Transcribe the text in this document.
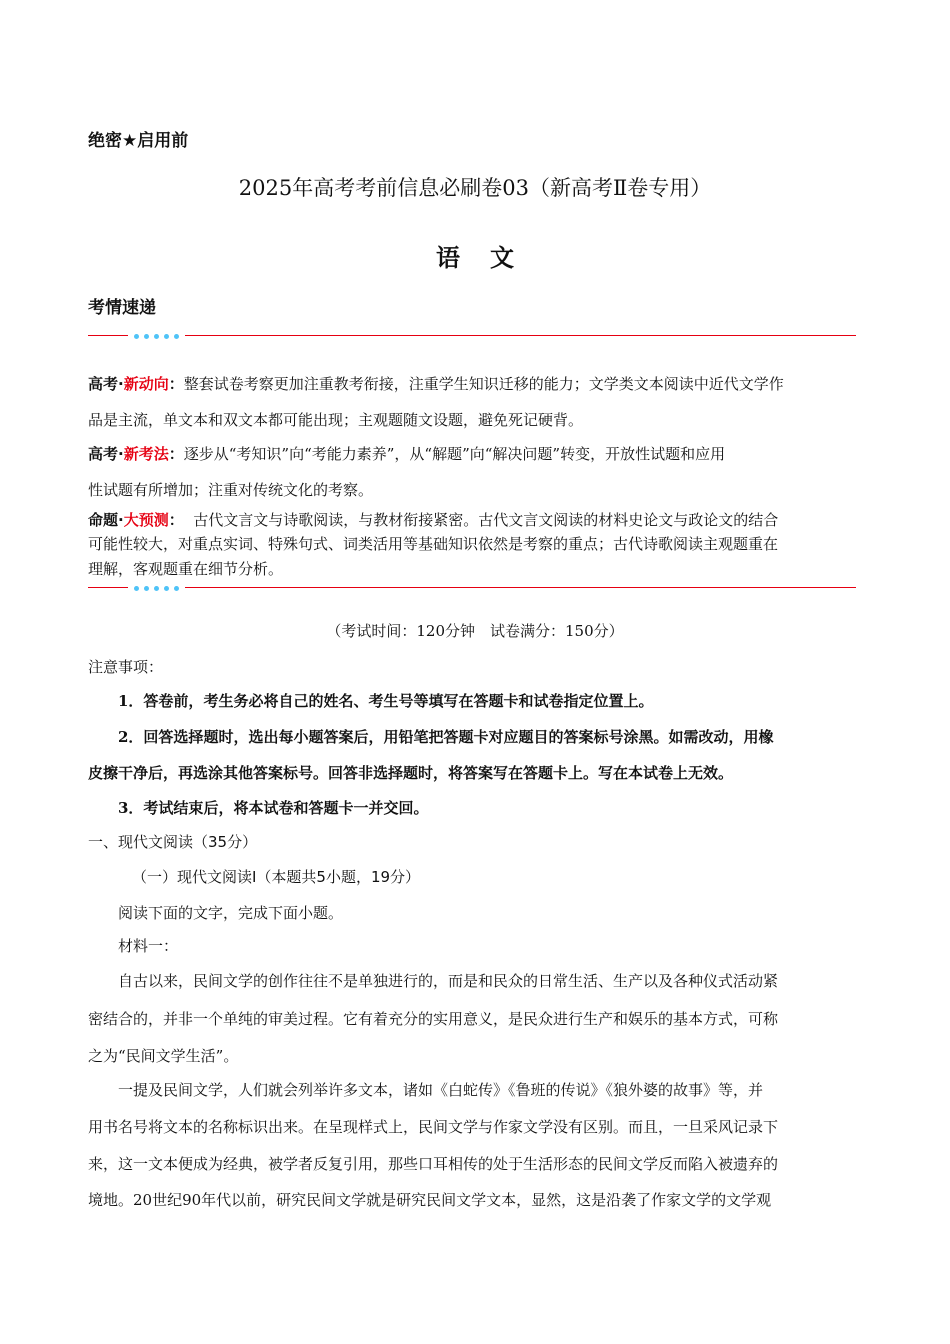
绝密★启用前
2025年高考考前信息必刷卷03（新高考Ⅱ卷专用）
语文
考情速递
高考·新动向：整套试卷考察更加注重教考衔接，注重学生知识迁移的能力；文学类文本阅读中近代文学作
品是主流，单文本和双文本都可能出现；主观题随文设题，避免死记硬背。
高考·新考法：逐步从“考知识”向“考能力素养”，从“解题”向“解决问题”转变，开放性试题和应用
性试题有所增加；注重对传统文化的考察。
命题·大预测： 古代文言文与诗歌阅读，与教材衔接紧密。古代文言文阅读的材料史论文与政论文的结合
可能性较大，对重点实词、特殊句式、词类活用等基础知识依然是考察的重点；古代诗歌阅读主观题重在
理解，客观题重在细节分析。
（考试时间：120分钟　试卷满分：150分）
注意事项：
1．答卷前，考生务必将自己的姓名、考生号等填写在答题卡和试卷指定位置上。
2．回答选择题时，选出每小题答案后，用铅笔把答题卡对应题目的答案标号涂黑。如需改动，用橡
皮擦干净后，再选涂其他答案标号。回答非选择题时，将答案写在答题卡上。写在本试卷上无效。
3．考试结束后，将本试卷和答题卡一并交回。
一、现代文阅读（35分）
（一）现代文阅读Ⅰ（本题共5小题，19分）
阅读下面的文字，完成下面小题。
材料一：
自古以来，民间文学的创作往往不是单独进行的，而是和民众的日常生活、生产以及各种仪式活动紧
密结合的，并非一个单纯的审美过程。它有着充分的实用意义，是民众进行生产和娱乐的基本方式，可称
之为“民间文学生活”。
一提及民间文学，人们就会列举许多文本，诸如《白蛇传》《鲁班的传说》《狼外婆的故事》等，并
用书名号将文本的名称标识出来。在呈现样式上，民间文学与作家文学没有区别。而且，一旦采风记录下
来，这一文本便成为经典，被学者反复引用，那些口耳相传的处于生活形态的民间文学反而陷入被遗弃的
境地。20世纪90年代以前，研究民间文学就是研究民间文学文本，显然，这是沿袭了作家文学的文学观
